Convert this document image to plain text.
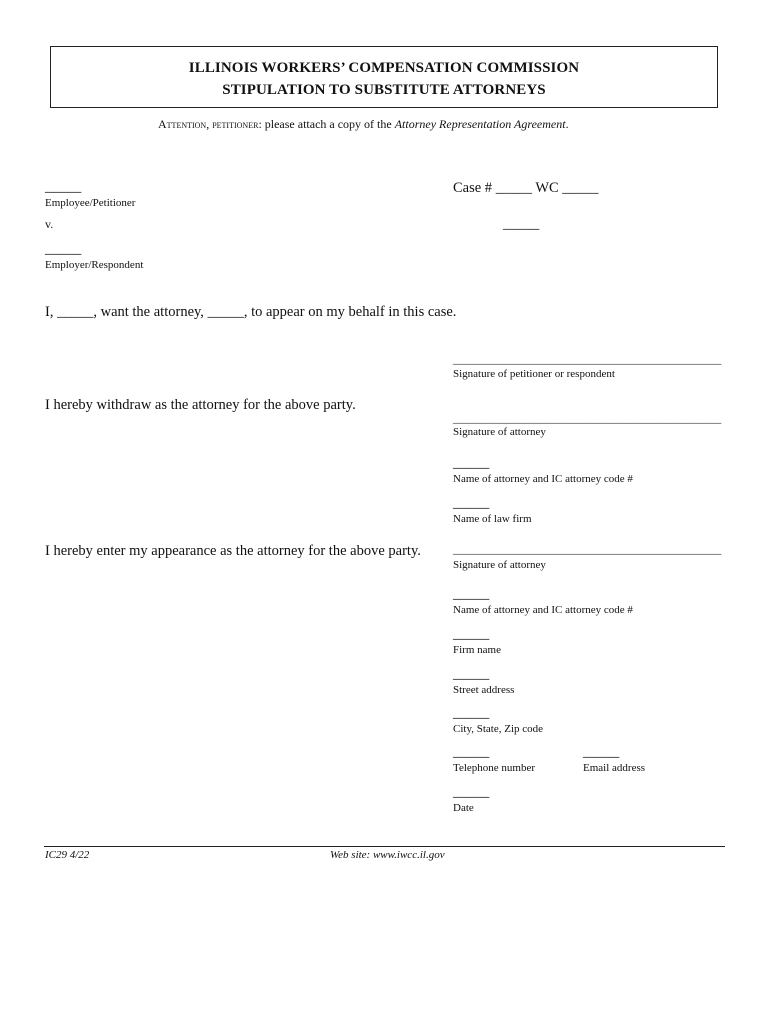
ILLINOIS WORKERS’ COMPENSATION COMMISSION
STIPULATION TO SUBSTITUTE ATTORNEYS
Attention, petitioner: please attach a copy of the Attorney Representation Agreement.
Case # _____ WC _____
_____
_____
Employee/Petitioner
v.
_____
Employer/Respondent
I, _____, want the attorney, _____, to appear on my behalf in this case.
_____________________________________
Signature of petitioner or respondent
I hereby withdraw as the attorney for the above party.
_____________________________________
Signature of attorney
_____
Name of attorney and IC attorney code #
_____
Name of law firm
I hereby enter my appearance as the attorney for the above party. _____________________________________
Signature of attorney
_____
Name of attorney and IC attorney code #
_____
Firm name
_____
Street address
_____
City, State, Zip code
_____
Telephone number
_____
Email address
_____
Date
IC29 4/22	Web site: www.iwcc.il.gov
